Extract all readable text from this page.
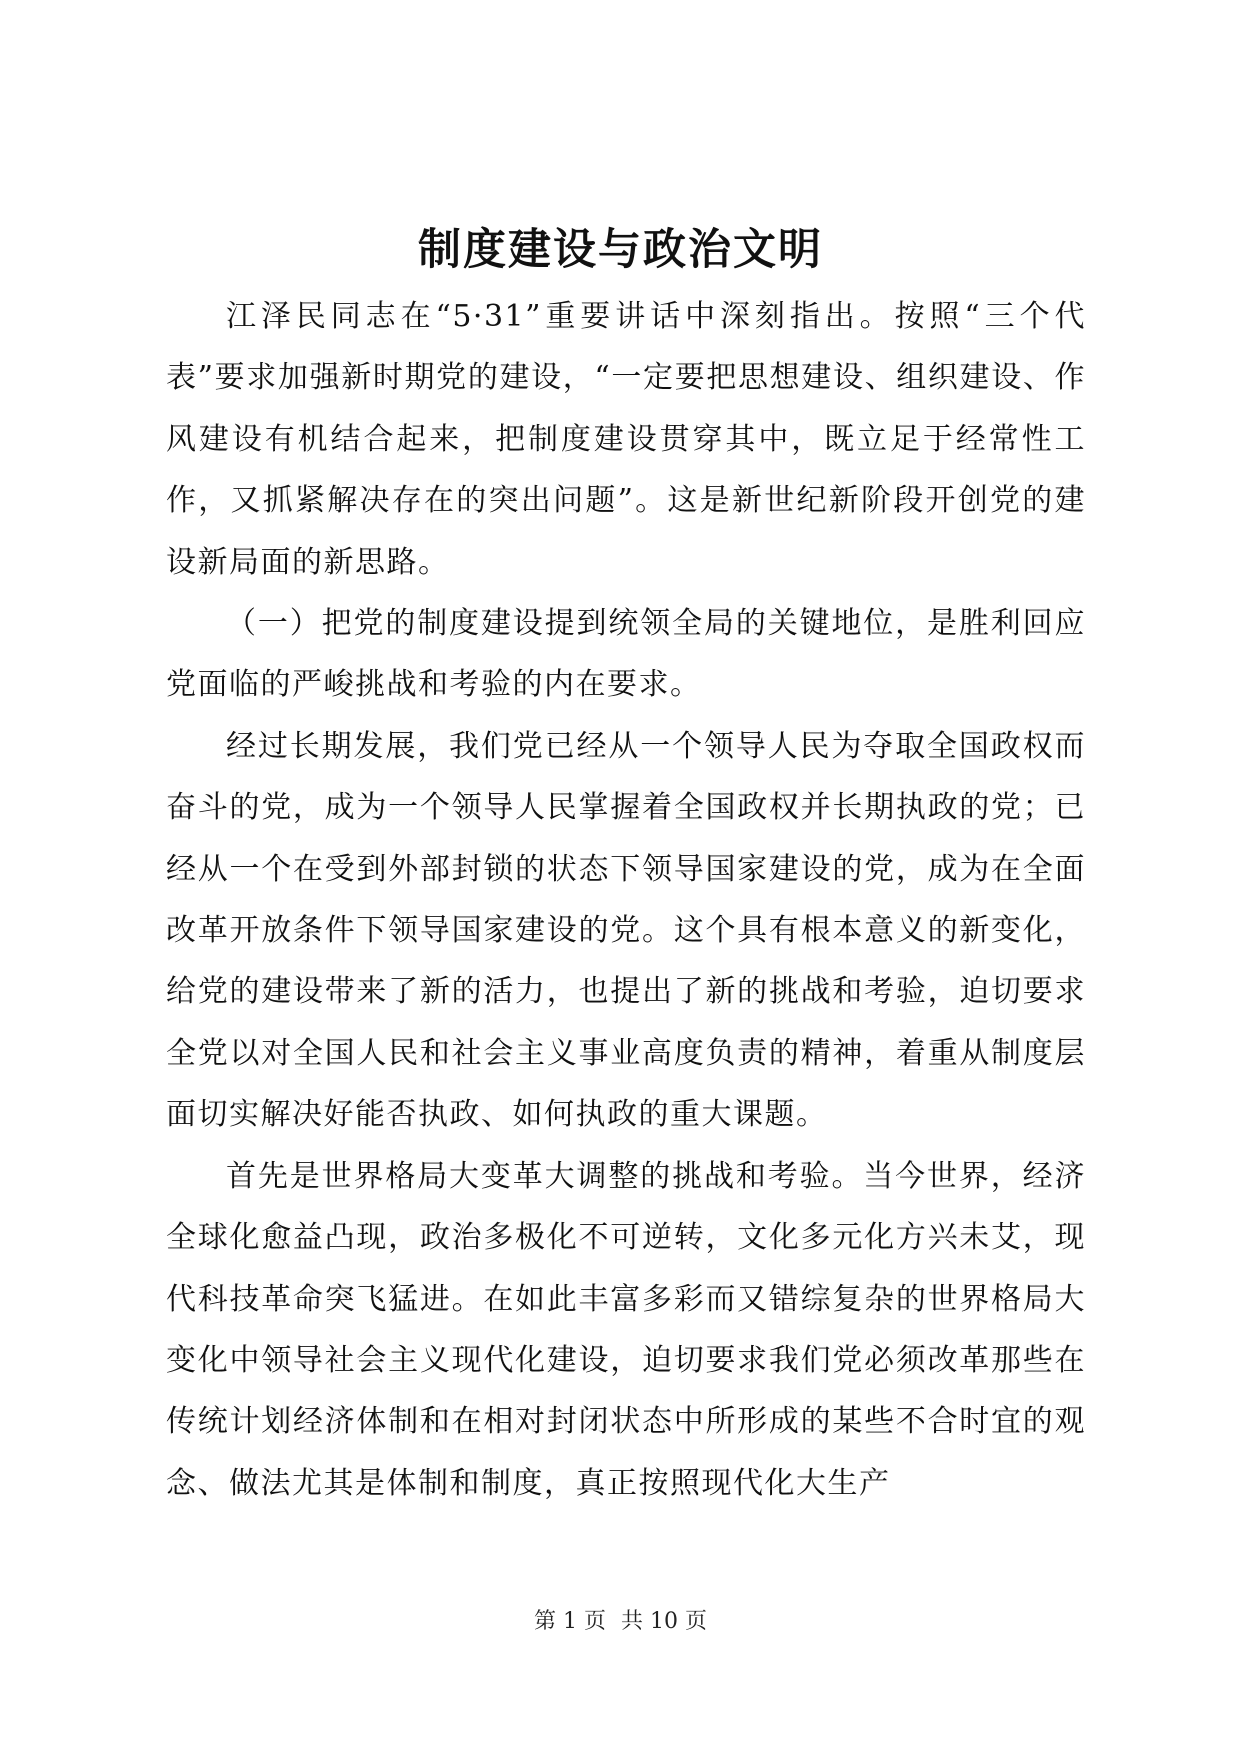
制度建设与政治文明

江泽民同志在“5·31”重要讲话中深刻指出。按照“三个代表”要求加强新时期党的建设，“一定要把思想建设、组织建设、作风建设有机结合起来，把制度建设贯穿其中，既立足于经常性工作，又抓紧解决存在的突出问题”。这是新世纪新阶段开创党的建设新局面的新思路。

（一）把党的制度建设提到统领全局的关键地位，是胜利回应党面临的严峻挑战和考验的内在要求。

经过长期发展，我们党已经从一个领导人民为夺取全国政权而奋斗的党，成为一个领导人民掌握着全国政权并长期执政的党；已经从一个在受到外部封锁的状态下领导国家建设的党，成为在全面改革开放条件下领导国家建设的党。这个具有根本意义的新变化，给党的建设带来了新的活力，也提出了新的挑战和考验，迫切要求全党以对全国人民和社会主义事业高度负责的精神，着重从制度层面切实解决好能否执政、如何执政的重大课题。

首先是世界格局大变革大调整的挑战和考验。当今世界，经济全球化愈益凸现，政治多极化不可逆转，文化多元化方兴未艾，现代科技革命突飞猛进。在如此丰富多彩而又错综复杂的世界格局大变化中领导社会主义现代化建设，迫切要求我们党必须改革那些在传统计划经济体制和在相对封闭状态中所形成的某些不合时宜的观念、做法尤其是体制和制度，真正按照现代化大生产

第 1 页 共 10 页
